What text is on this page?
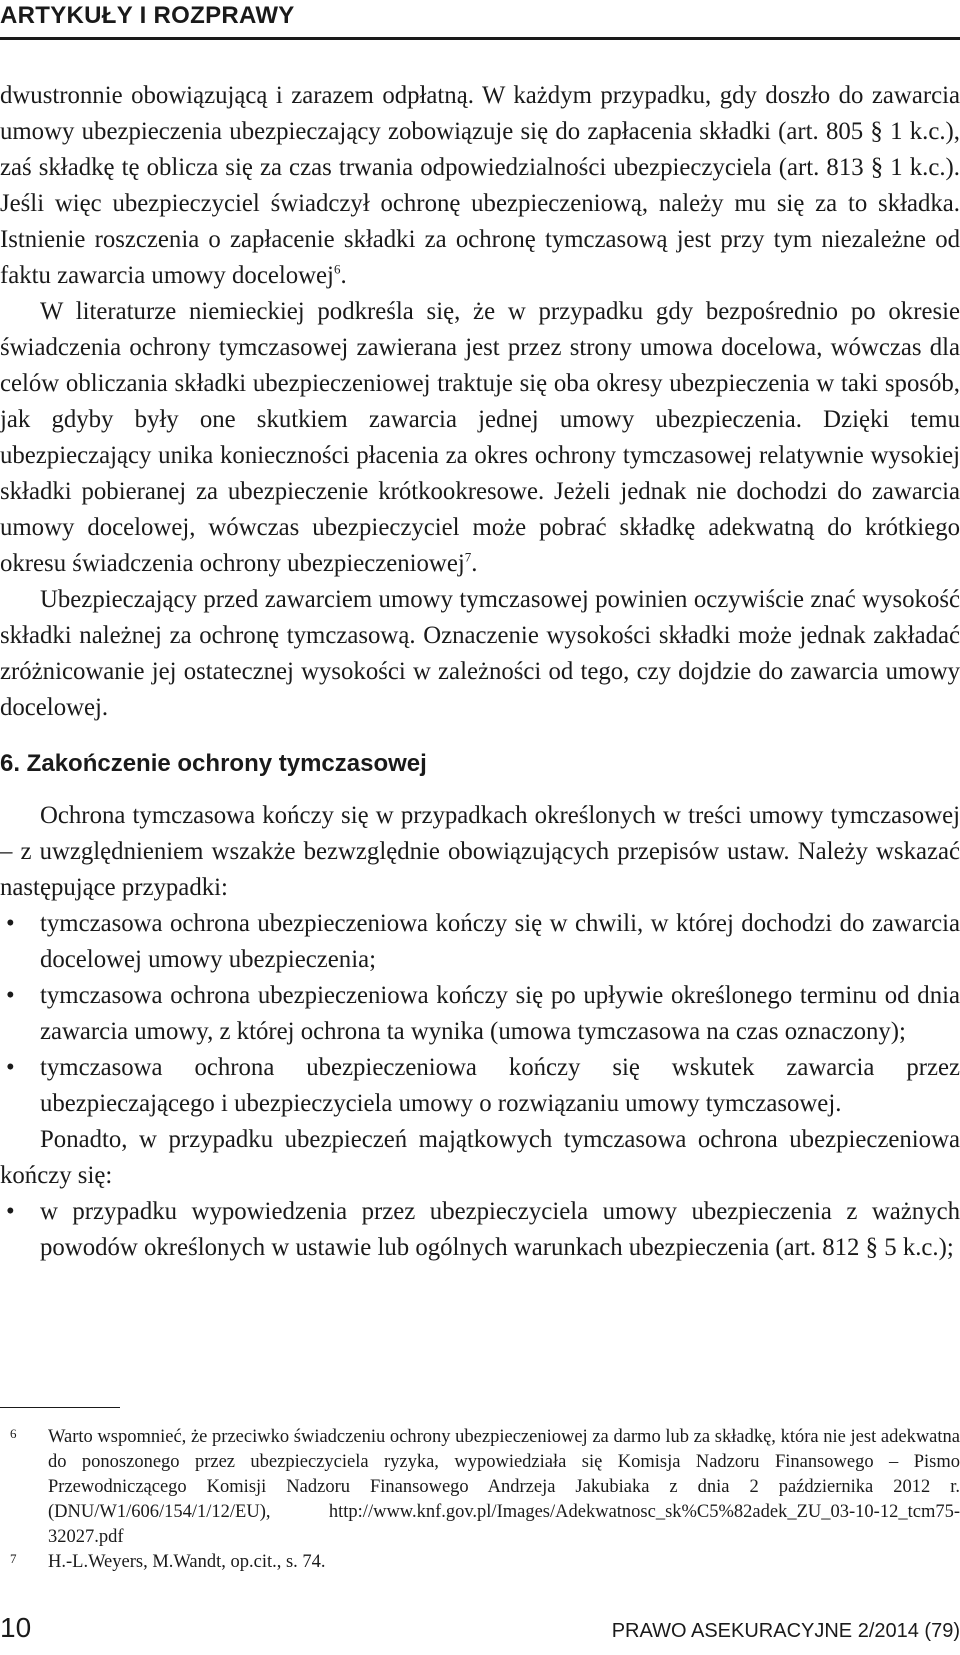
ARTYKUŁY I ROZPRAWY

dwustronnie obowiązującą i zarazem odpłatną. W każdym przypadku, gdy doszło do zawarcia umowy ubezpieczenia ubezpieczający zobowiązuje się do zapłacenia składki (art. 805 § 1 k.c.), zaś składkę tę oblicza się za czas trwania odpowiedzialności ubezpieczyciela (art. 813 § 1 k.c.). Jeśli więc ubezpieczyciel świadczył ochronę ubezpieczeniową, należy mu się za to składka. Istnienie roszczenia o zapłacenie składki za ochronę tymczasową jest przy tym niezależne od faktu zawarcia umowy docelowej$^6$.

W literaturze niemieckiej podkreśla się, że w przypadku gdy bezpośrednio po okresie świadczenia ochrony tymczasowej zawierana jest przez strony umowa docelowa, wówczas dla celów obliczania składki ubezpieczeniowej traktuje się oba okresy ubezpieczenia w taki sposób, jak gdyby były one skutkiem zawarcia jednej umowy ubezpieczenia. Dzięki temu ubezpieczający unika konieczności płacenia za okres ochrony tymczasowej relatywnie wysokiej składki pobieranej za ubezpieczenie krótkookresowe. Jeżeli jednak nie dochodzi do zawarcia umowy docelowej, wówczas ubezpieczyciel może pobrać składkę adekwatną do krótkiego okresu świadczenia ochrony ubezpieczeniowej$^7$.

Ubezpieczający przed zawarciem umowy tymczasowej powinien oczywiście znać wysokość składki należnej za ochronę tymczasową. Oznaczenie wysokości składki może jednak zakładać zróżnicowanie jej ostatecznej wysokości w zależności od tego, czy dojdzie do zawarcia umowy docelowej.

6. Zakończenie ochrony tymczasowej

Ochrona tymczasowa kończy się w przypadkach określonych w treści umowy tymczasowej – z uwzględnieniem wszakże bezwzględnie obowiązujących przepisów ustaw. Należy wskazać następujące przypadki:

• tymczasowa ochrona ubezpieczeniowa kończy się w chwili, w której dochodzi do zawarcia docelowej umowy ubezpieczenia;
• tymczasowa ochrona ubezpieczeniowa kończy się po upływie określonego terminu od dnia zawarcia umowy, z której ochrona ta wynika (umowa tymczasowa na czas oznaczony);
• tymczasowa ochrona ubezpieczeniowa kończy się wskutek zawarcia przez ubezpieczającego i ubezpieczyciela umowy o rozwiązaniu umowy tymczasowej.

Ponadto, w przypadku ubezpieczeń majątkowych tymczasowa ochrona ubezpieczeniowa kończy się:

• w przypadku wypowiedzenia przez ubezpieczyciela umowy ubezpieczenia z ważnych powodów określonych w ustawie lub ogólnych warunkach ubezpieczenia (art. 812 § 5 k.c.);
6 Warto wspomnieć, że przeciwko świadczeniu ochrony ubezpieczeniowej za darmo lub za składkę, która nie jest adekwatna do ponoszonego przez ubezpieczyciela ryzyka, wypowiedziała się Komisja Nadzoru Finansowego – Pismo Przewodniczącego Komisji Nadzoru Finansowego Andrzeja Jakubiaka z dnia 2 października 2012 r. (DNU/W1/606/154/1/12/EU), http://www.knf.gov.pl/Images/Adekwatnosc_sk%C5%82adek_ZU_03-10-12_tcm75-32027.pdf
7 H.-L.Weyers, M.Wandt, op.cit., s. 74.
10	PRAWO ASEKURACYJNE 2/2014 (79)
